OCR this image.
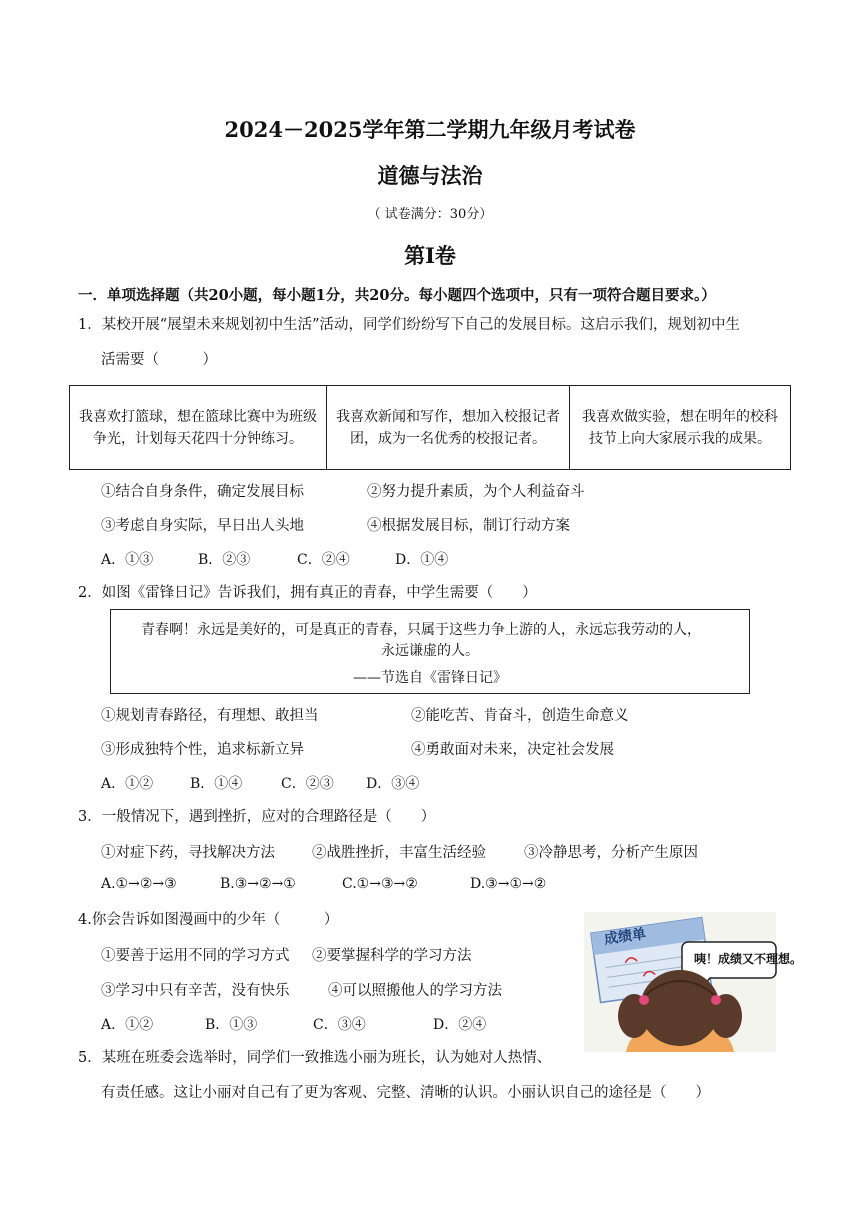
2024－2025学年第二学期九年级月考试卷
道德与法治
（ 试卷满分：30分）
第Ⅰ卷
一．单项选择题（共20小题，每小题1分，共20分。每小题四个选项中，只有一项符合题目要求。）
1．某校开展“展望未来规划初中生活”活动，同学们纷纷写下自己的发展目标。这启示我们，规划初中生
活需要（　　　）
我喜欢打篮球，想在篮球比赛中为班级争光，计划每天花四十分钟练习。
我喜欢新闻和写作，想加入校报记者团，成为一名优秀的校报记者。
我喜欢做实验，想在明年的校科技节上向大家展示我的成果。
①结合自身条件，确定发展目标	②努力提升素质，为个人利益奋斗
③考虑自身实际，早日出人头地	④根据发展目标，制订行动方案
A．①③	B．②③	C．②④	D．①④
2．如图《雷锋日记》告诉我们，拥有真正的青春，中学生需要（　　）
青春啊！永远是美好的，可是真正的青春，只属于这些力争上游的人，永远忘我劳动的人，
永远谦虚的人。
——节选自《雷锋日记》
①规划青春路径，有理想、敢担当	②能吃苦、肯奋斗，创造生命意义
③形成独特个性，追求标新立异	④勇敢面对未来，决定社会发展
A．①②	B．①④	C．②③ D．③④
3．一般情况下，遇到挫折，应对的合理路径是（　　）
①对症下药，寻找解决方法	②战胜挫折，丰富生活经验	③冷静思考，分析产生原因
A.①→②→③	B.③→②→①	C.①→③→②	D.③→①→②
4.你会告诉如图漫画中的少年（　　　）
①要善于运用不同的学习方式 ②要掌握科学的学习方法
③学习中只有辛苦，没有快乐	④可以照搬他人的学习方法
A．①②	B．①③	C．③④	D．②④
成绩单
咦！成绩又不理想。
5．某班在班委会选举时，同学们一致推选小丽为班长，认为她对人热情、
有责任感。这让小丽对自己有了更为客观、完整、清晰的认识。小丽认识自己的途径是（　　）
